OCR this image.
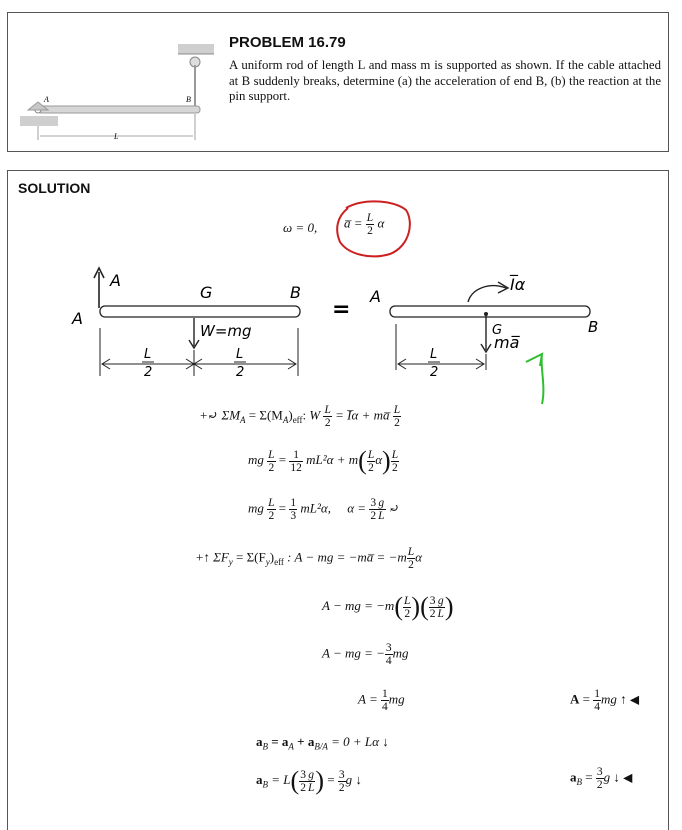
A	B
L
PROBLEM 16.79
A uniform rod of length L and mass m is supported as shown. If the cable attached at B suddenly breaks, determine (a) the acceleration of end B, (b) the reaction at the pin support.
SOLUTION
ω = 0, a̅ = $\frac{L}{2}$ α
A
A
G	B
W=mg
L
2
L
2
=
A
I̅α
G	B
ma̅
L
2
+⤾ $\Sigma M_A = \Sigma(M_A)_{eff}$: W $\frac{L}{2}$ = I̅α + ma̅ $\frac{L}{2}$
mg $\frac{L}{2} = \frac{1}{12} mL^2\alpha + m( \frac{L}{2} \alpha) \frac{L}{2}$
mg $\frac{L}{2} = \frac{1}{3} mL^2\alpha$, $\alpha = \frac{3}{2} \frac{g}{L}$ ⤾
+↑ $\Sigma F_y = \Sigma(F_y)_{eff}$ : A − mg = −ma̅ = $-m \frac{L}{2}$ α
A − mg = $-m( \frac{L}{2}$ )( $\frac{3}{2} \frac{g}{L}$ )
A − mg = − $\frac{3}{4}$ mg
$A = \frac{1}{4}$ mg	$A = \frac{1}{4}$ mg ↑ ◀
$a_B = a_A + a_{B/A} = 0 + L\alpha$ ↓
$a_B = L( \frac{3}{2} \frac{g}{L}$ ) = $\frac{3}{2}$ g ↓	$a_B = \frac{3}{2}$ g ↓ ◀
